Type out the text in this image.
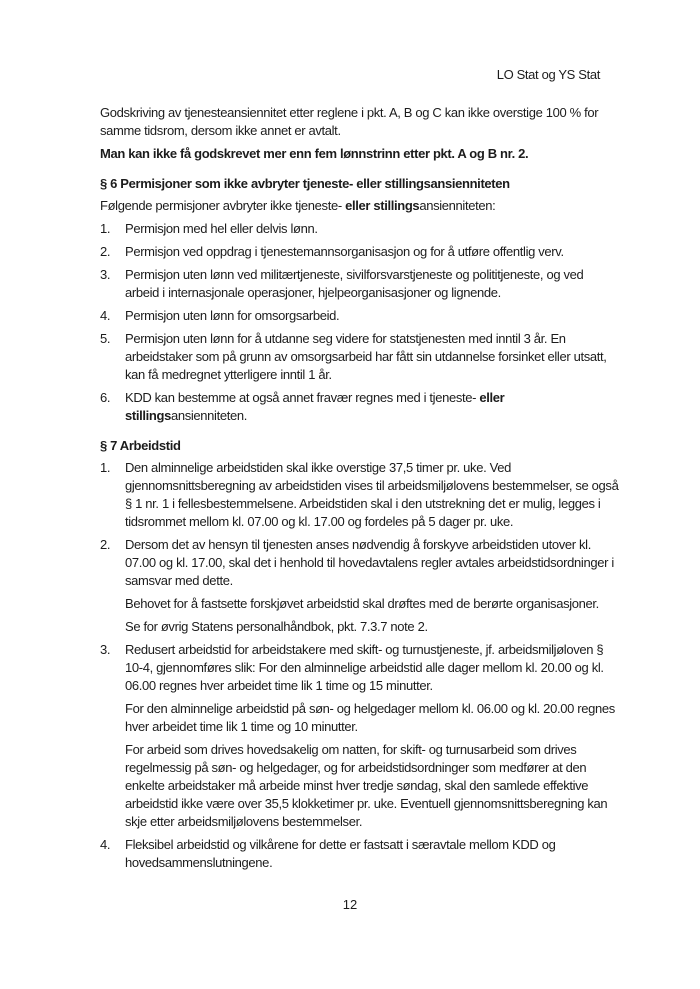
LO Stat og YS Stat

Godskriving av tjenesteansiennitet etter reglene i pkt. A, B og C kan ikke overstige 100 % for samme tidsrom, dersom ikke annet er avtalt.

Man kan ikke få godskrevet mer enn fem lønnstrinn etter pkt. A og B nr. 2.

§ 6 Permisjoner som ikke avbryter tjeneste- eller stillingsansienniteten

Følgende permisjoner avbryter ikke tjeneste- eller stillingsansienniteten:

1.	Permisjon med hel eller delvis lønn.
2.	Permisjon ved oppdrag i tjenestemannsorganisasjon og for å utføre offentlig verv.
3.	Permisjon uten lønn ved militærtjeneste, sivilforsvarstjeneste og polititjeneste, og ved arbeid i internasjonale operasjoner, hjelpeorganisasjoner og lignende.
4.	Permisjon uten lønn for omsorgsarbeid.
5.	Permisjon uten lønn for å utdanne seg videre for statstjenesten med inntil 3 år. En arbeidstaker som på grunn av omsorgsarbeid har fått sin utdannelse forsinket eller utsatt, kan få medregnet ytterligere inntil 1 år.
6.	KDD kan bestemme at også annet fravær regnes med i tjeneste- eller stillingsansienniteten.
§ 7 Arbeidstid
1.	Den alminnelige arbeidstiden skal ikke overstige 37,5 timer pr. uke. Ved gjennomsnittsberegning av arbeidstiden vises til arbeidsmiljølovens bestemmelser, se også § 1 nr. 1 i fellesbestemmelsene. Arbeidstiden skal i den utstrekning det er mulig, legges i tidsrommet mellom kl. 07.00 og kl. 17.00 og fordeles på 5 dager pr. uke.

2.	Dersom det av hensyn til tjenesten anses nødvendig å forskyve arbeidstiden utover kl. 07.00 og kl. 17.00, skal det i henhold til hovedavtalens regler avtales arbeidstidsordninger i samsvar med dette.

Behovet for å fastsette forskjøvet arbeidstid skal drøftes med de berørte organisasjoner.

Se for øvrig Statens personalhåndbok, pkt. 7.3.7 note 2.

3.	Redusert arbeidstid for arbeidstakere med skift- og turnustjeneste, jf. arbeidsmiljøloven § 10-4, gjennomføres slik: For den alminnelige arbeidstid alle dager mellom kl. 20.00 og kl. 06.00 regnes hver arbeidet time lik 1 time og 15 minutter.

For den alminnelige arbeidstid på søn- og helgedager mellom kl. 06.00 og kl. 20.00 regnes hver arbeidet time lik 1 time og 10 minutter.

For arbeid som drives hovedsakelig om natten, for skift- og turnusarbeid som drives regelmessig på søn- og helgedager, og for arbeidstidsordninger som medfører at den enkelte arbeidstaker må arbeide minst hver tredje søndag, skal den samlede effektive arbeidstid ikke være over 35,5 klokketimer pr. uke. Eventuell gjennomsnittsberegning kan skje etter arbeidsmiljølovens bestemmelser.

4.	Fleksibel arbeidstid og vilkårene for dette er fastsatt i særavtale mellom KDD og hovedsammenslutningene.

12
